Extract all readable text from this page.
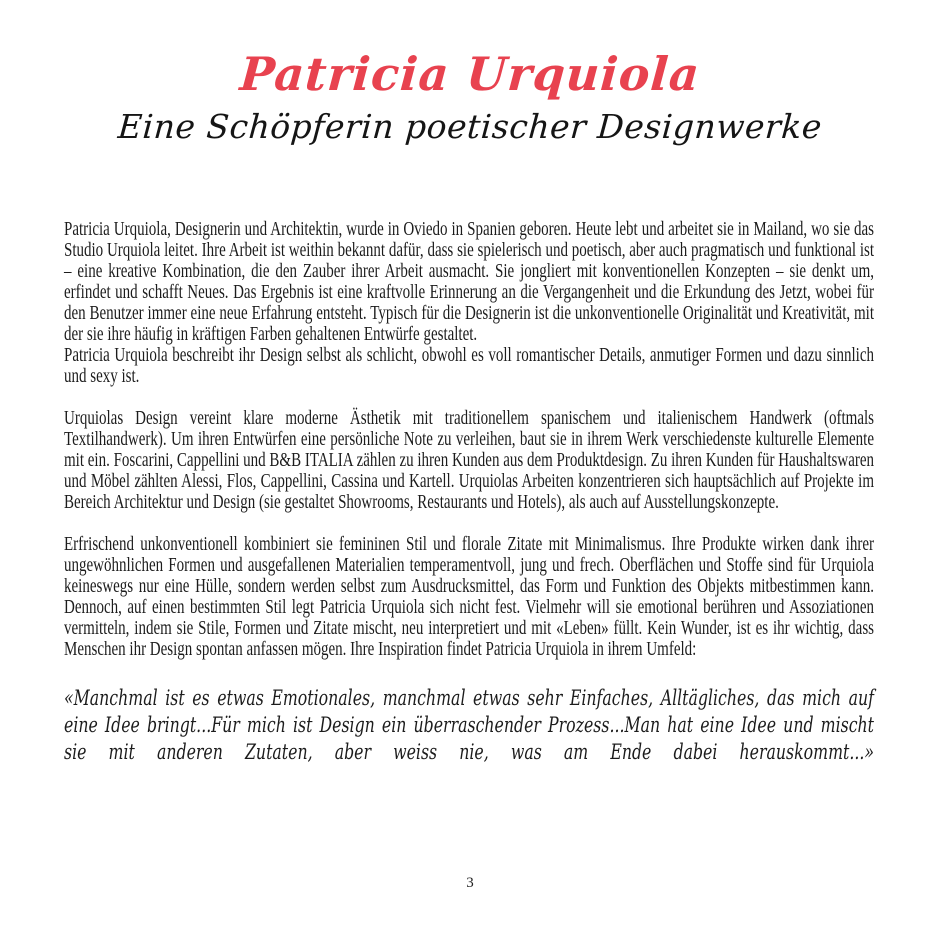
Patricia Urquiola
Eine Schöpferin poetischer Designwerke

Patricia Urquiola, Designerin und Architektin, wurde in Oviedo in Spanien geboren. Heute lebt und arbeitet sie in Mailand, wo sie das Studio Urquiola leitet. Ihre Arbeit ist weithin bekannt dafür, dass sie spielerisch und poetisch, aber auch pragmatisch und funktional ist – eine kreative Kombination, die den Zauber ihrer Arbeit ausmacht. Sie jongliert mit konventionellen Konzepten – sie denkt um, erfindet und schafft Neues. Das Ergebnis ist eine kraftvolle Erinnerung an die Vergangenheit und die Erkundung des Jetzt, wobei für den Benutzer immer eine neue Erfahrung entsteht. Typisch für die Designerin ist die unkonventionelle Originalität und Kreativität, mit der sie ihre häufig in kräftigen Farben gehaltenen Entwürfe gestaltet.

Patricia Urquiola beschreibt ihr Design selbst als schlicht, obwohl es voll romantischer Details, anmutiger Formen und dazu sinnlich und sexy ist.

Urquiolas Design vereint klare moderne Ästhetik mit traditionellem spanischem und italienischem Handwerk (oftmals Textilhandwerk). Um ihren Entwürfen eine persönliche Note zu verleihen, baut sie in ihrem Werk verschiedenste kulturelle Elemente mit ein. Foscarini, Cappellini und B&B ITALIA zählen zu ihren Kunden aus dem Produktdesign. Zu ihren Kunden für Haushaltswaren und Möbel zählten Alessi, Flos, Cappellini, Cassina und Kartell. Urquiolas Arbeiten konzentrieren sich hauptsächlich auf Projekte im Bereich Architektur und Design (sie gestaltet Showrooms, Restaurants und Hotels), als auch auf Ausstellungskonzepte.

Erfrischend unkonventionell kombiniert sie femininen Stil und florale Zitate mit Minimalismus. Ihre Produkte wirken dank ihrer ungewöhnlichen Formen und ausgefallenen Materialien temperamentvoll, jung und frech. Oberflächen und Stoffe sind für Urquiola keineswegs nur eine Hülle, sondern werden selbst zum Ausdrucksmittel, das Form und Funktion des Objekts mitbestimmen kann. Dennoch, auf einen bestimmten Stil legt Patricia Urquiola sich nicht fest. Vielmehr will sie emotional berühren und Assoziationen vermitteln, indem sie Stile, Formen und Zitate mischt, neu interpretiert und mit «Leben» füllt. Kein Wunder, ist es ihr wichtig, dass Menschen ihr Design spontan anfassen mögen. Ihre Inspiration findet Patricia Urquiola in ihrem Umfeld:

«Manchmal ist es etwas Emotionales, manchmal etwas sehr Einfaches, Alltägliches, das mich auf eine Idee bringt...Für mich ist Design ein überraschender Prozess...Man hat eine Idee und mischt sie mit anderen Zutaten, aber weiss nie, was am Ende dabei herauskommt...»

3
